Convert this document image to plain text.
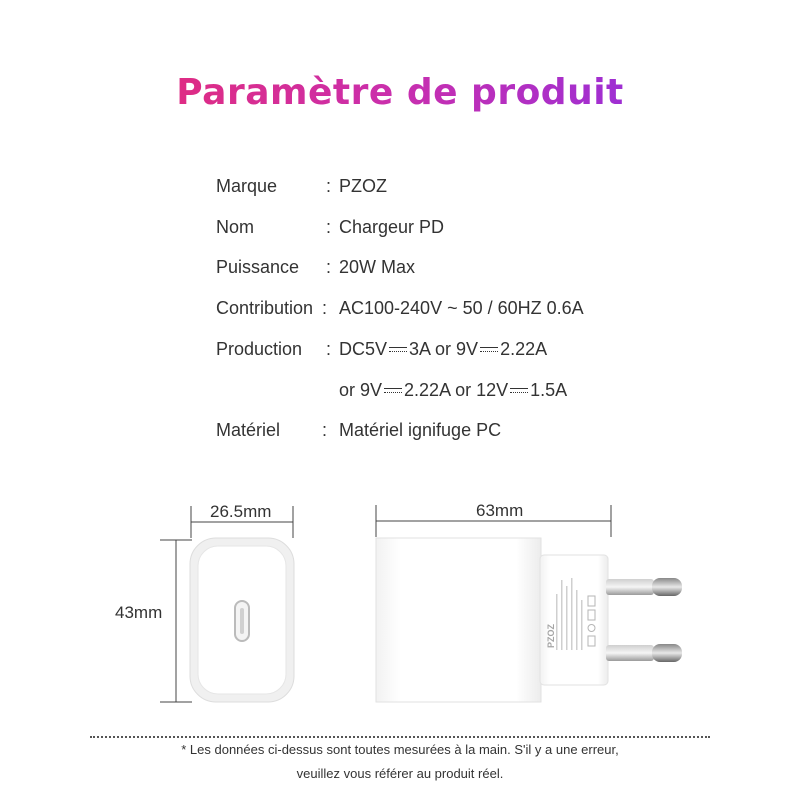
Paramètre de produit
Marque	: PZOZ
Nom	: Chargeur PD
Puissance : 20W Max
Contribution : AC100-240V ~ 50 / 60HZ 0.6A
Production : DC5V 3A or 9V 2.22A
or 9V 2.22A or 12V 1.5A
Matériel : Matériel ignifuge PC
PZOZ
26.5mm	63mm
43mm
* Les données ci-dessus sont toutes mesurées à la main. S'il y a une erreur,
veuillez vous référer au produit réel.
